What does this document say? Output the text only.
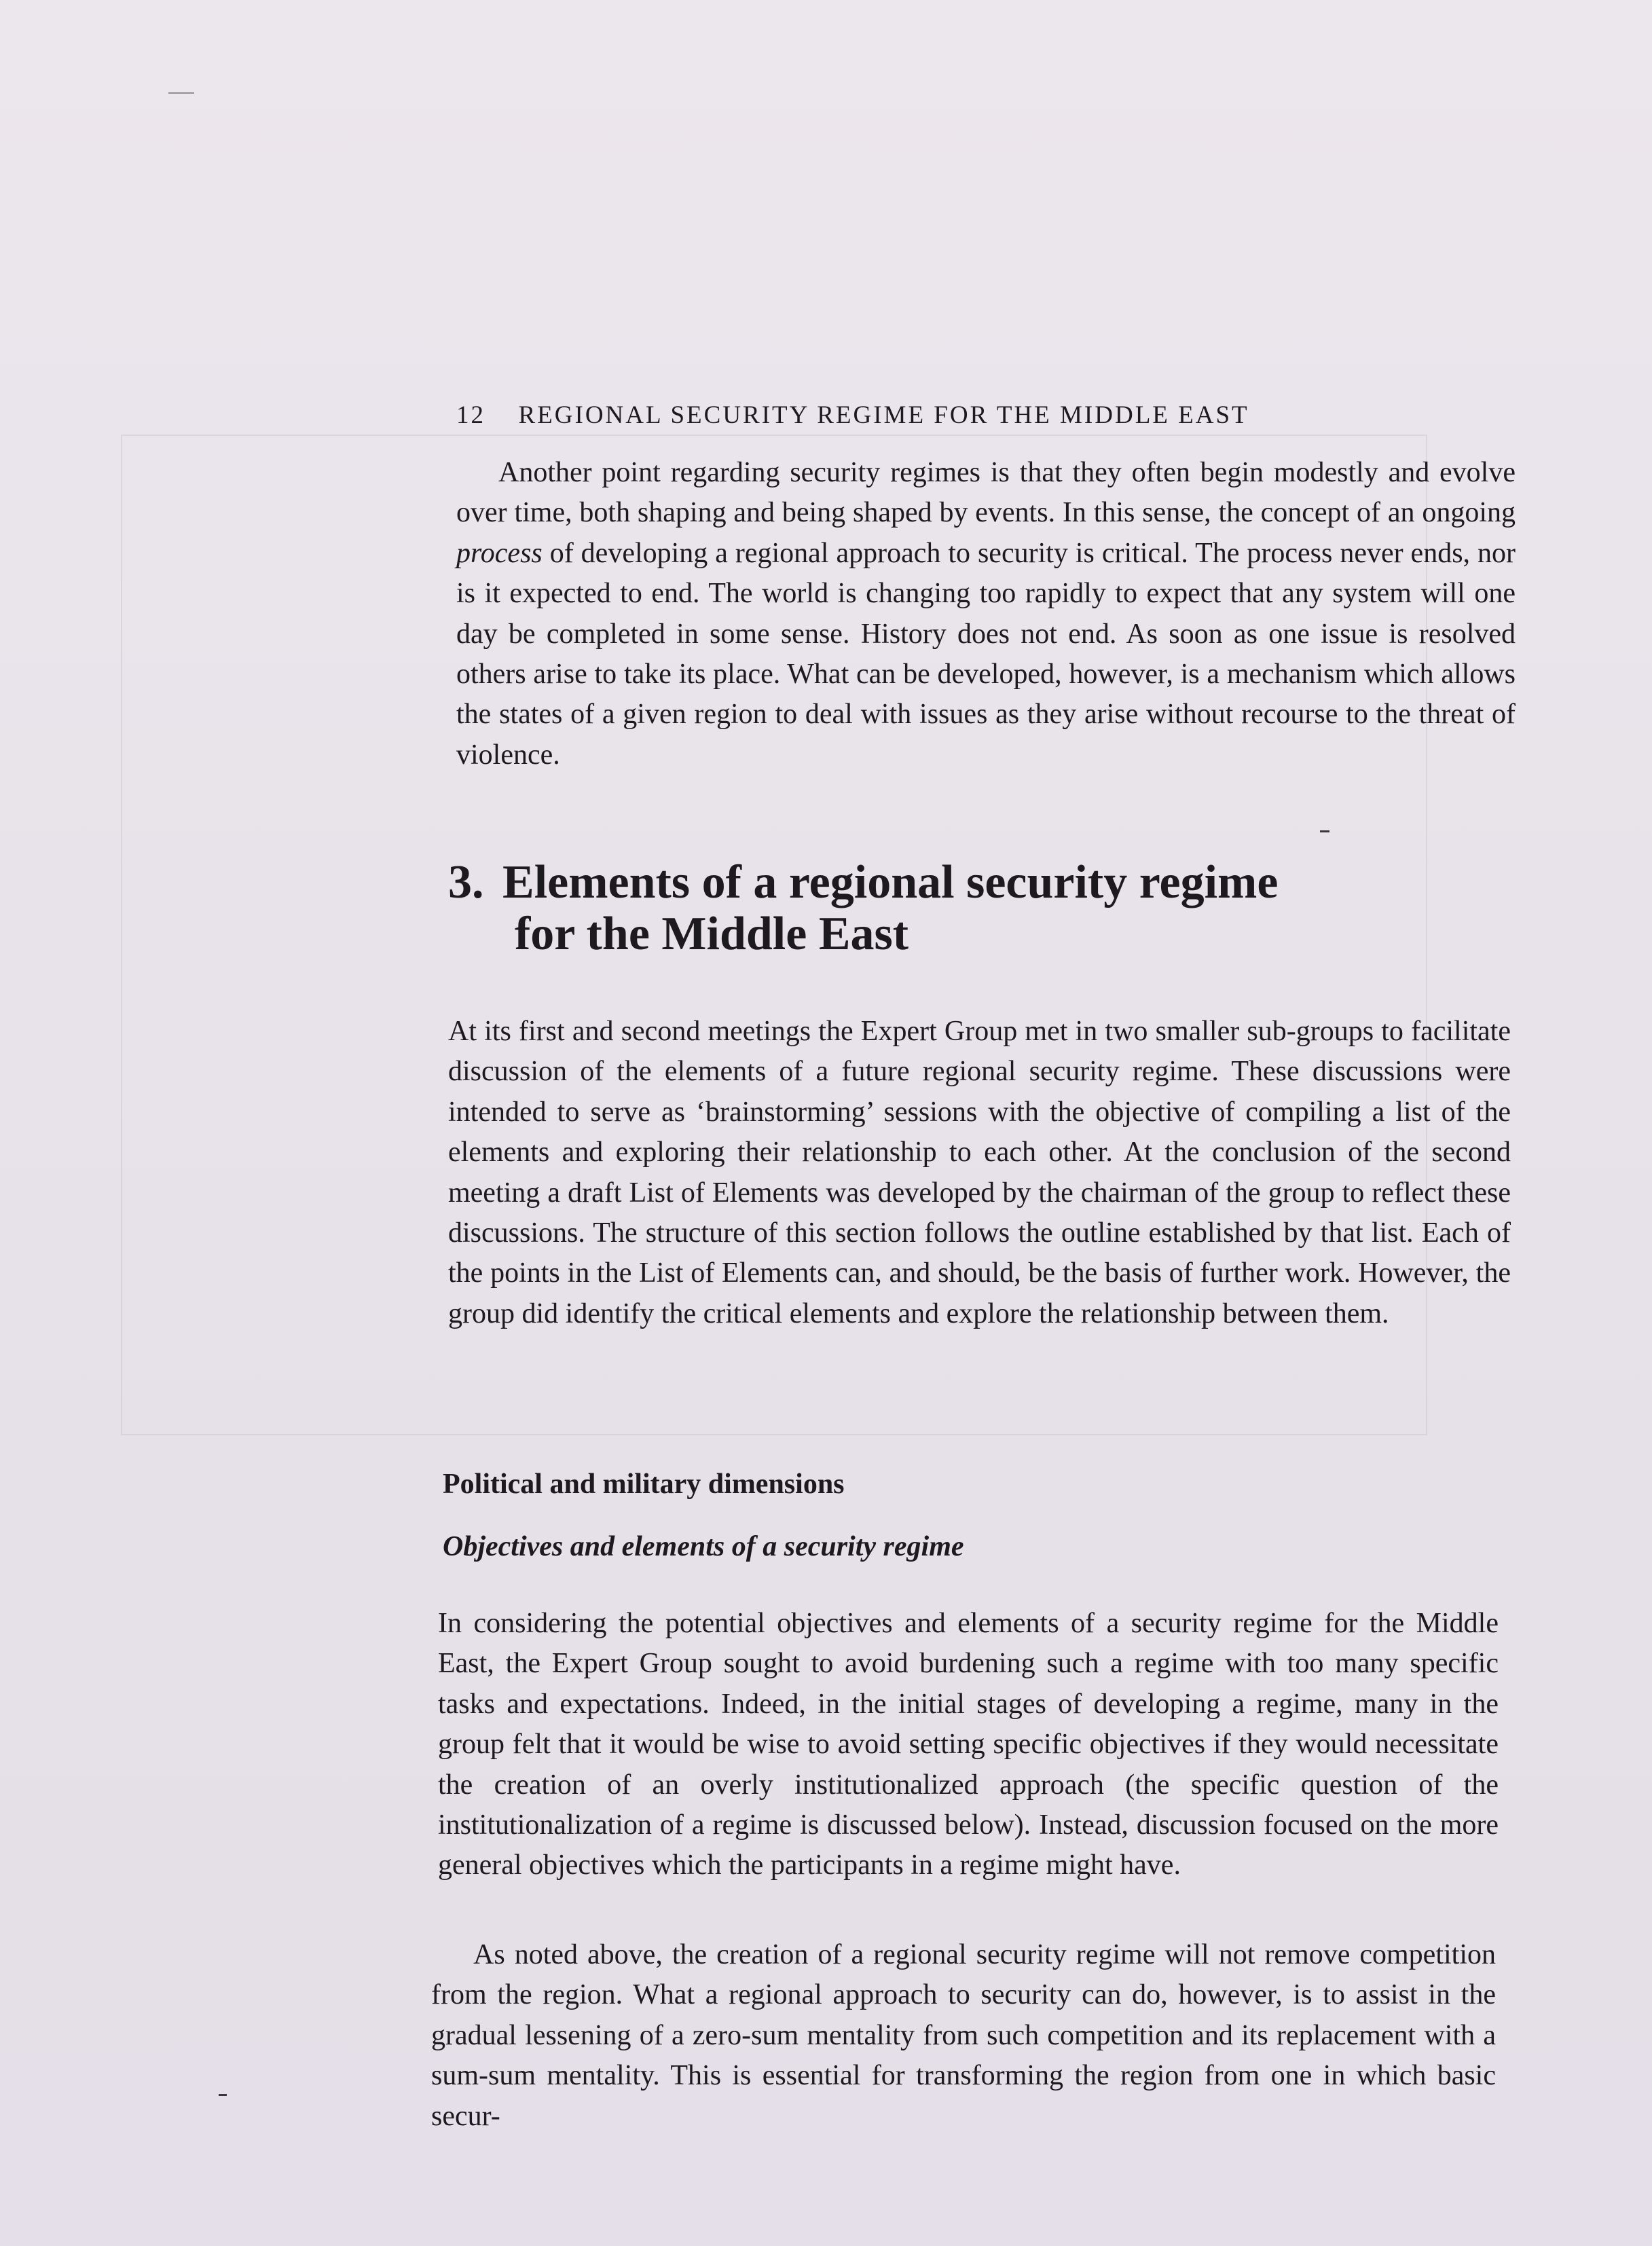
12 REGIONAL SECURITY REGIME FOR THE MIDDLE EAST

Another point regarding security regimes is that they often begin modestly and evolve over time, both shaping and being shaped by events. In this sense, the concept of an ongoing process of developing a regional approach to security is critical. The process never ends, nor is it expected to end. The world is changing too rapidly to expect that any system will one day be completed in some sense. History does not end. As soon as one issue is resolved others arise to take its place. What can be developed, however, is a mechanism which allows the states of a given region to deal with issues as they arise without recourse to the threat of violence.

3. Elements of a regional security regime
for the Middle East

At its first and second meetings the Expert Group met in two smaller sub-groups to facilitate discussion of the elements of a future regional security regime. These discussions were intended to serve as ‘brainstorming’ sessions with the objective of compiling a list of the elements and exploring their relationship to each other. At the conclusion of the second meeting a draft List of Elements was developed by the chairman of the group to reflect these discussions. The structure of this section follows the outline established by that list. Each of the points in the List of Elements can, and should, be the basis of further work. However, the group did identify the critical elements and explore the relationship between them.

Political and military dimensions
Objectives and elements of a security regime

In considering the potential objectives and elements of a security regime for the Middle East, the Expert Group sought to avoid burdening such a regime with too many specific tasks and expectations. Indeed, in the initial stages of developing a regime, many in the group felt that it would be wise to avoid setting specific objectives if they would necessitate the creation of an overly institutionalized approach (the specific question of the institutionalization of a regime is discussed below). Instead, discussion focused on the more general objectives which the participants in a regime might have.

As noted above, the creation of a regional security regime will not remove competition from the region. What a regional approach to security can do, however, is to assist in the gradual lessening of a zero-sum mentality from such competition and its replacement with a sum-sum mentality. This is essential for transforming the region from one in which basic secur-
